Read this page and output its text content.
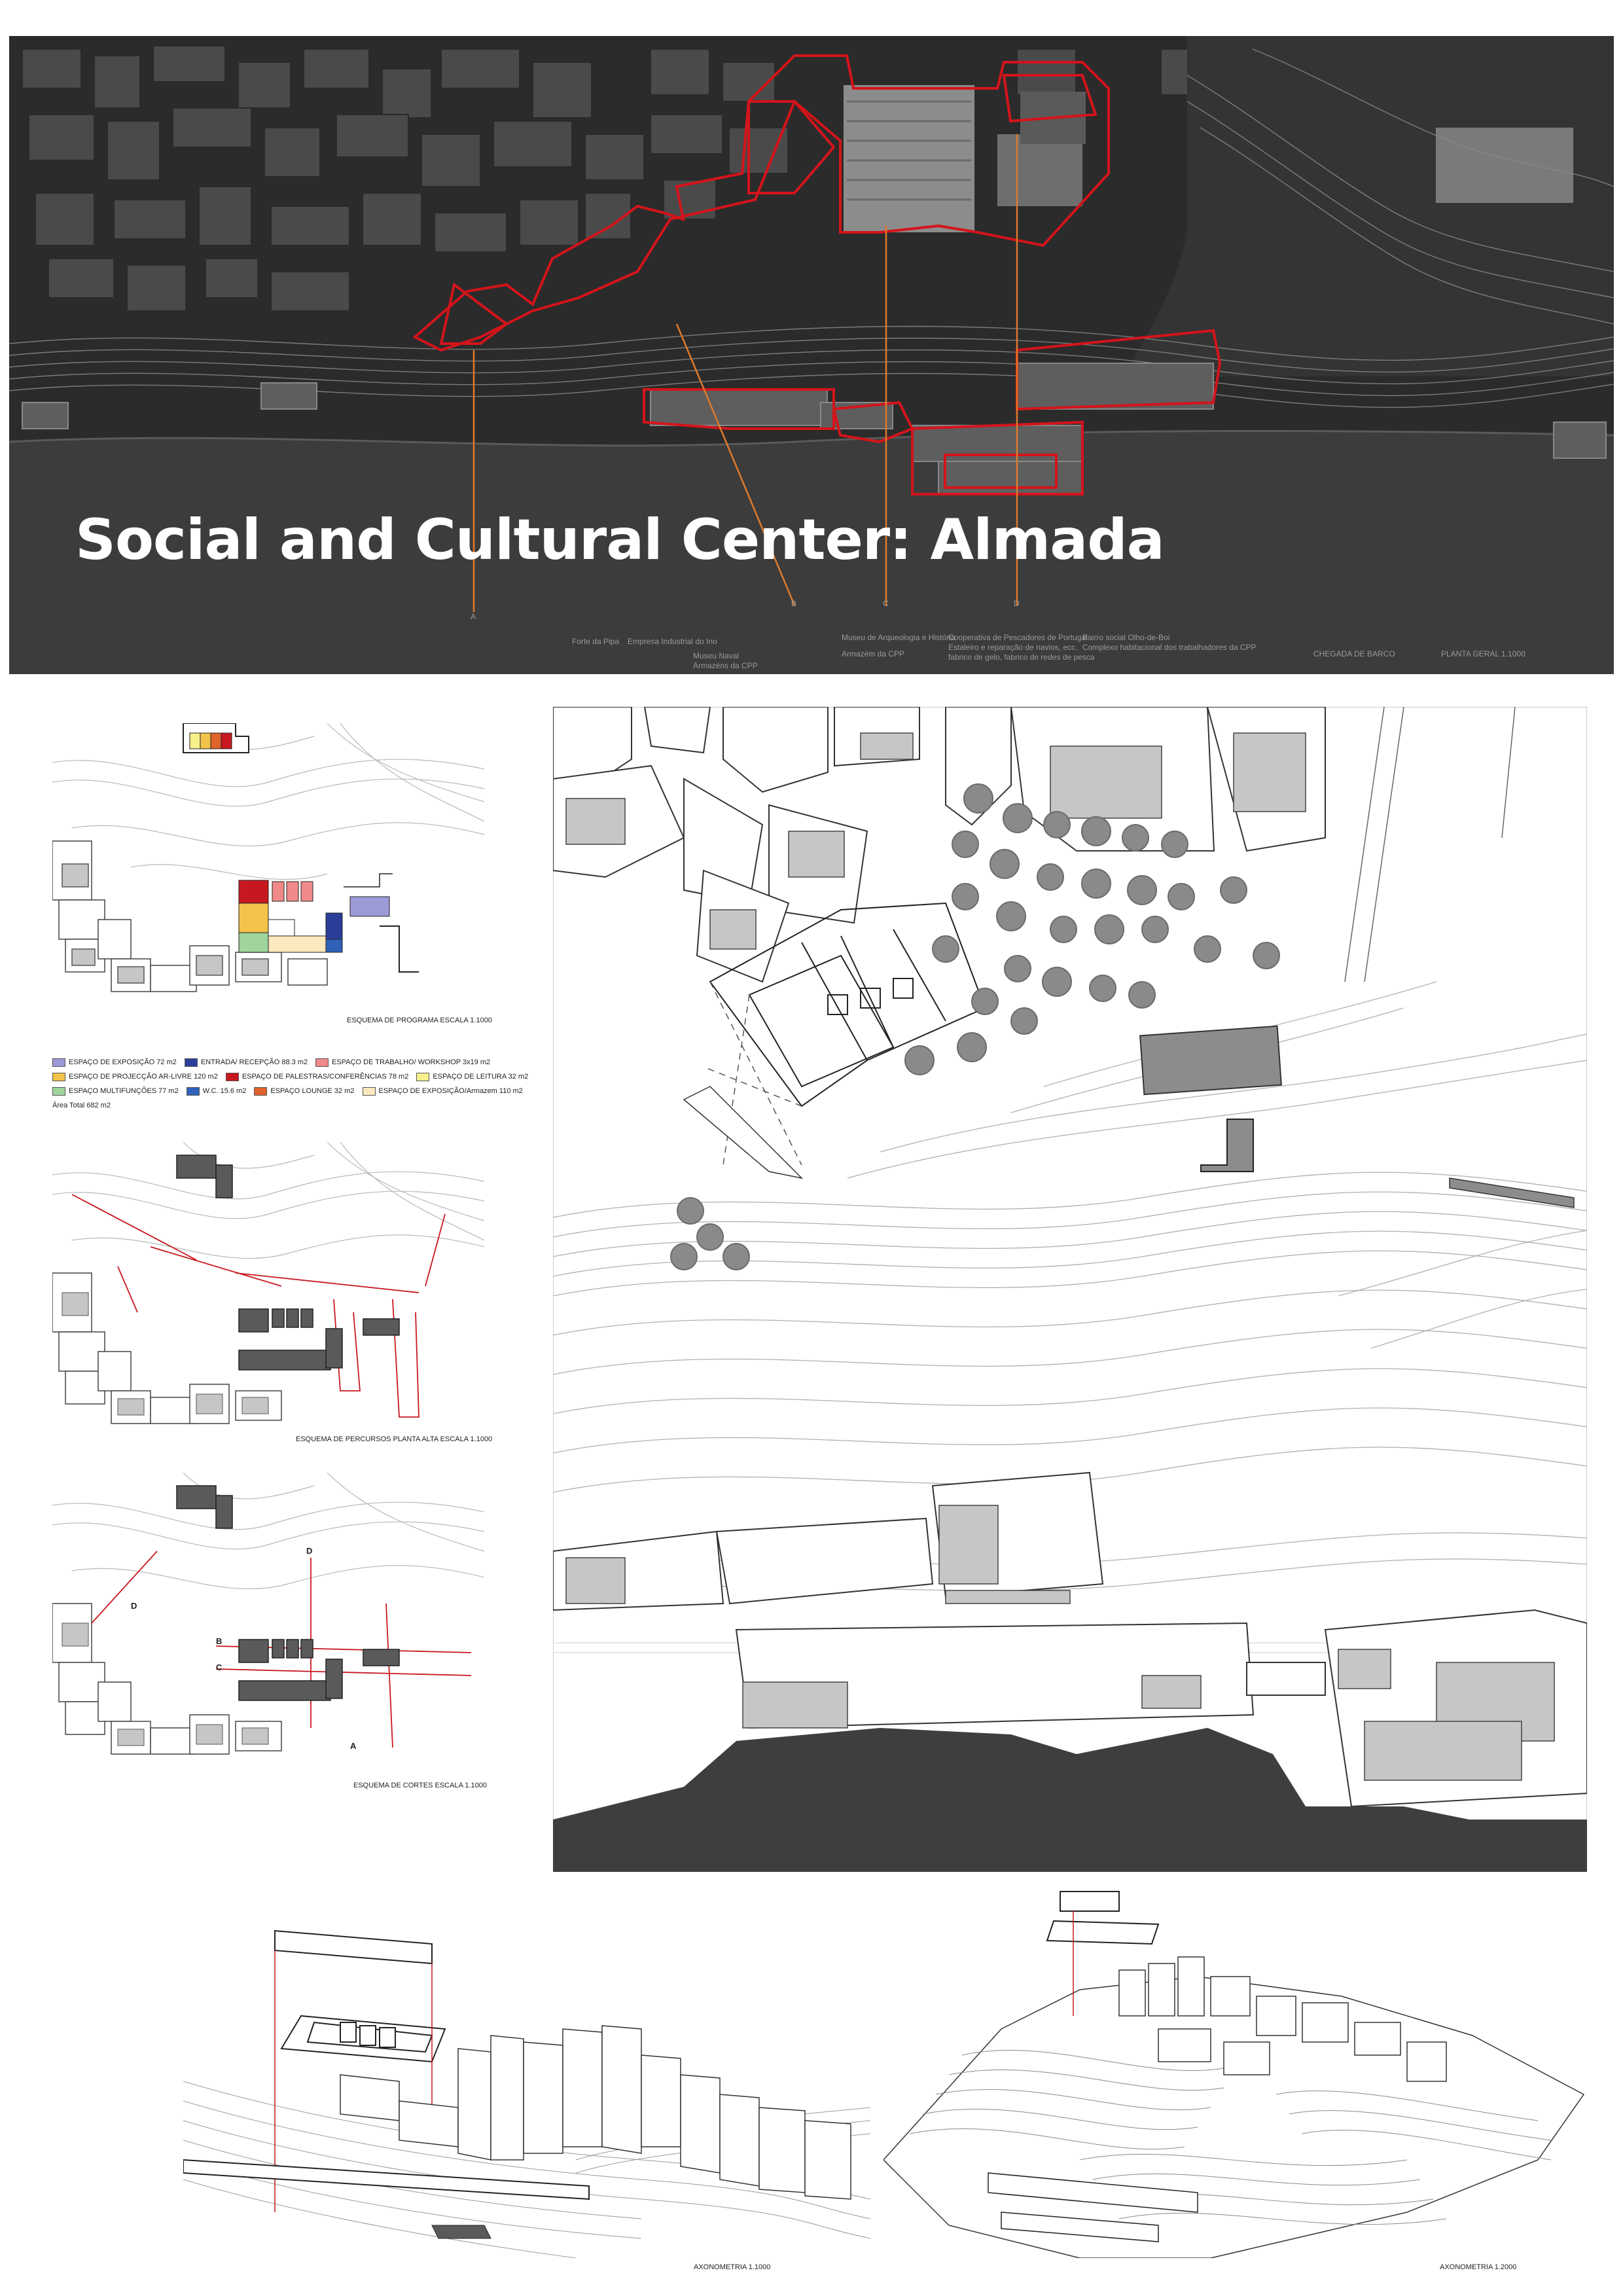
A
B	C	D
Forte da Pipa Empresa Industrial do Ino
Museu Naval
Armazéns da CPP
Museu de Arqueologia e História
Armazém da CPP
Cooperativa de Pescadores de Portugal
Estaleiro e reparação de navios, ecc.
fabrico de gelo, fabrico de redes de pesca
Bairro social Olho-de-Boi
Complexo habitacional dos trabalhadores da CPP
CHEGADA DE BARCO	PLANTA GERAL 1.1000
Social and Cultural Center: Almada
ESQUEMA DE PROGRAMA ESCALA 1.1000
ESPAÇO DE EXPOSIÇÃO 72 m2	ENTRADA/ RECEPÇÃO 88.3 m2	ESPAÇO DE TRABALHO/ WORKSHOP 3x19 m2
ESPAÇO DE PROJECÇÃO AR-LIVRE 120 m2	ESPAÇO DE PALESTRAS/CONFERÊNCIAS 78 m2	ESPAÇO DE LEITURA 32 m2
ESPAÇO MULTIFUNÇÕES 77 m2	W.C. 15.6 m2	ESPAÇO LOUNGE 32 m2	ESPAÇO DE EXPOSIÇÃO/Armazem 110 m2
Área Total 682 m2
ESQUEMA DE PERCURSOS PLANTA ALTA ESCALA 1.1000
D
D
B
C
A
ESQUEMA DE CORTES ESCALA 1.1000
AXONOMETRIA 1.1000	AXONOMETRIA 1.2000
